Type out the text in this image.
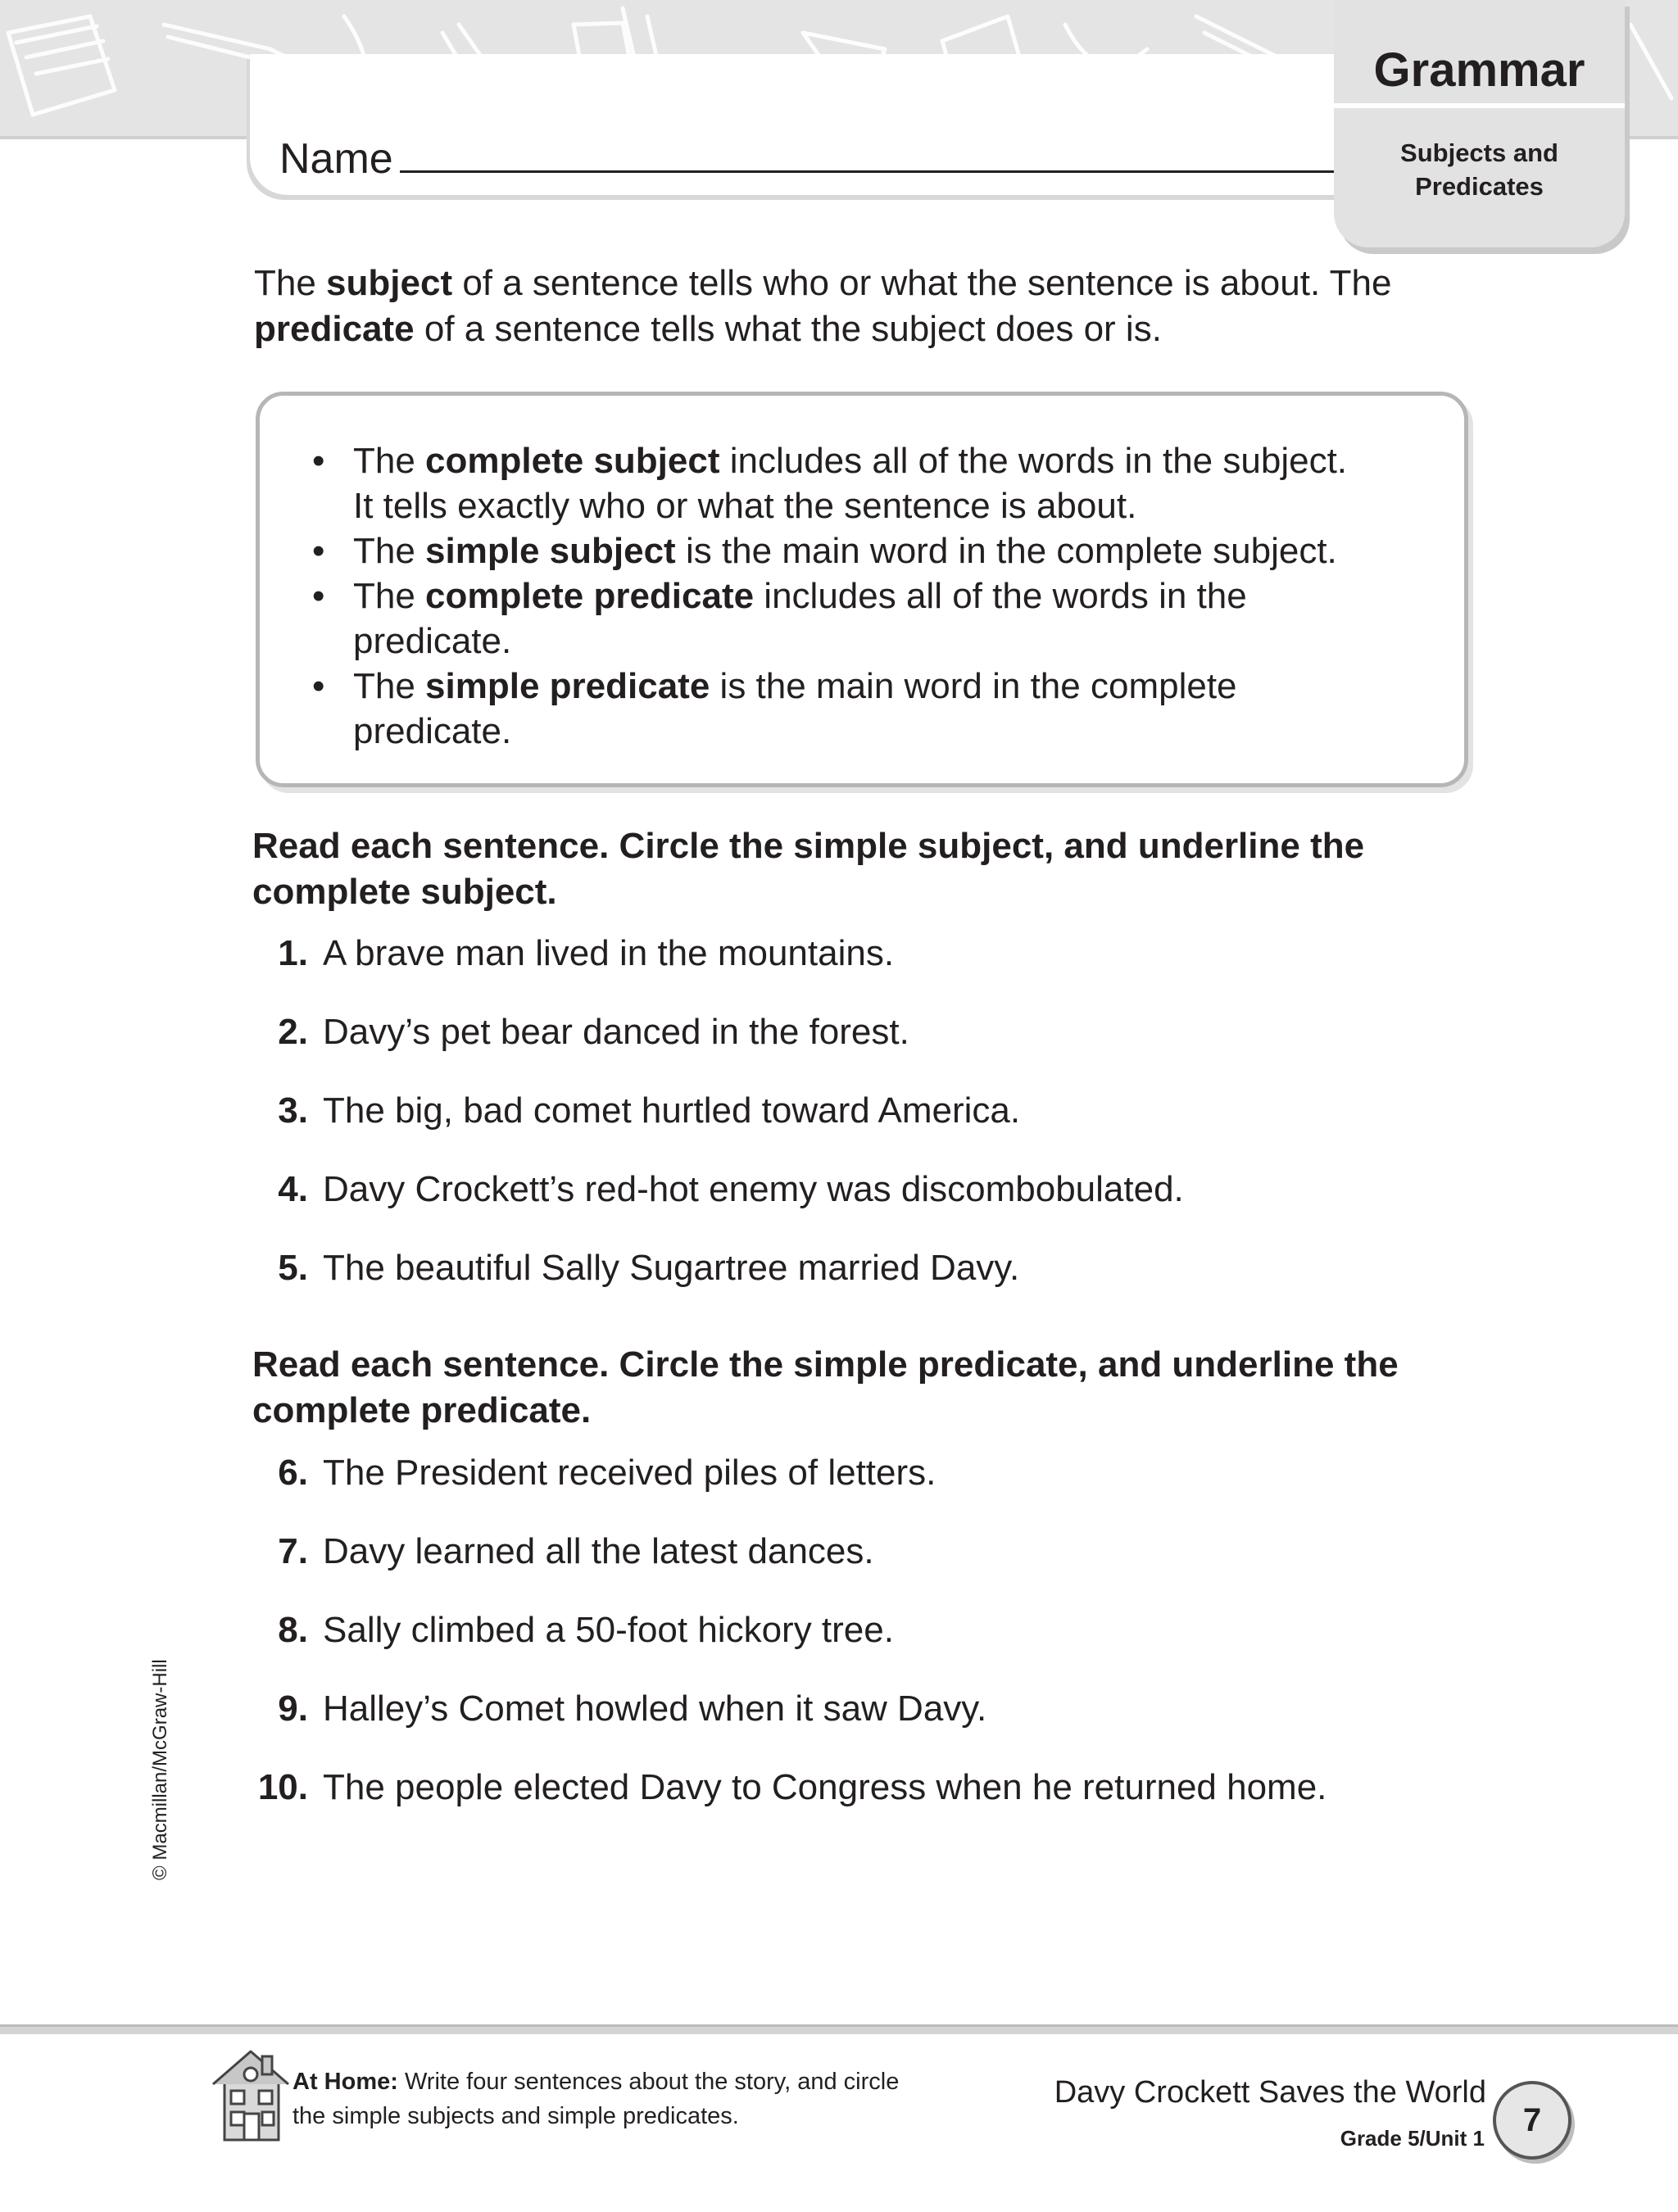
Name
Grammar
Subjects and
Predicates
The subject of a sentence tells who or what the sentence is about. The
predicate of a sentence tells what the subject does or is.
• The complete subject includes all of the words in the subject.
It tells exactly who or what the sentence is about.
• The simple subject is the main word in the complete subject.
• The complete predicate includes all of the words in the
predicate.
• The simple predicate is the main word in the complete
predicate.
Read each sentence. Circle the simple subject, and underline the
complete subject.
1. A brave man lived in the mountains.
2. Davy’s pet bear danced in the forest.
3. The big, bad comet hurtled toward America.
4. Davy Crockett’s red-hot enemy was discombobulated.
5. The beautiful Sally Sugartree married Davy.
Read each sentence. Circle the simple predicate, and underline the
complete predicate.
6. The President received piles of letters.
7. Davy learned all the latest dances.
8. Sally climbed a 50-foot hickory tree.
9. Halley’s Comet howled when it saw Davy.
10. The people elected Davy to Congress when he returned home.
© Macmillan/McGraw-Hill
At Home: Write four sentences about the story, and circle
the simple subjects and simple predicates.
Davy Crockett Saves the World
Grade 5/Unit 1	7
